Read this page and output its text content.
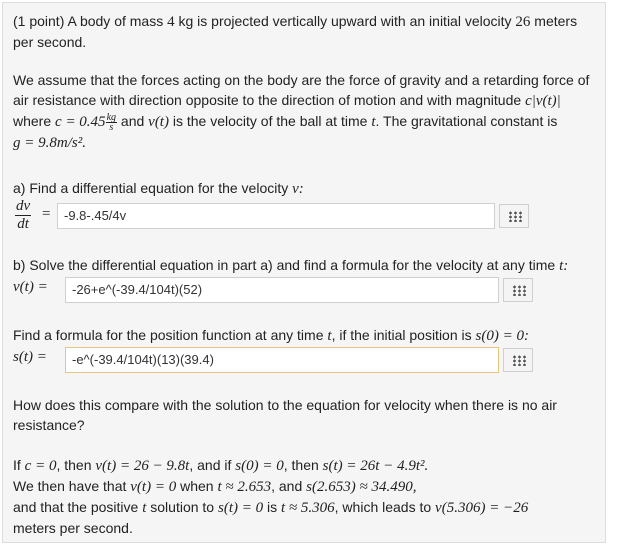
(1 point) A body of mass 4 kg is projected vertically upward with an initial velocity 26 meters
per second.
We assume that the forces acting on the body are the force of gravity and a retarding force of
air resistance with direction opposite to the direction of motion and with magnitude c|v(t)|
where $c = 0.45 \frac{kg}{s}$ and v(t) is the velocity of the ball at time t. The gravitational constant is
g = 9.8m/s².
a) Find a differential equation for the velocity v:
$\frac{dv}{dt}$ =	-9.8-.45/4v
b) Solve the differential equation in part a) and find a formula for the velocity at any time t:
v(t) =	-26+e^(-39.4/104t)(52)
Find a formula for the position function at any time t, if the initial position is s(0) = 0:
s(t) =	-e^(-39.4/104t)(13)(39.4)
How does this compare with the solution to the equation for velocity when there is no air
resistance?
If c = 0, then v(t) = 26 − 9.8t, and if s(0) = 0, then s(t) = 26t − 4.9t².
We then have that v(t) = 0 when t ≈ 2.653, and s(2.653) ≈ 34.490,
and that the positive t solution to s(t) = 0 is t ≈ 5.306, which leads to v(5.306) = −26
meters per second.
